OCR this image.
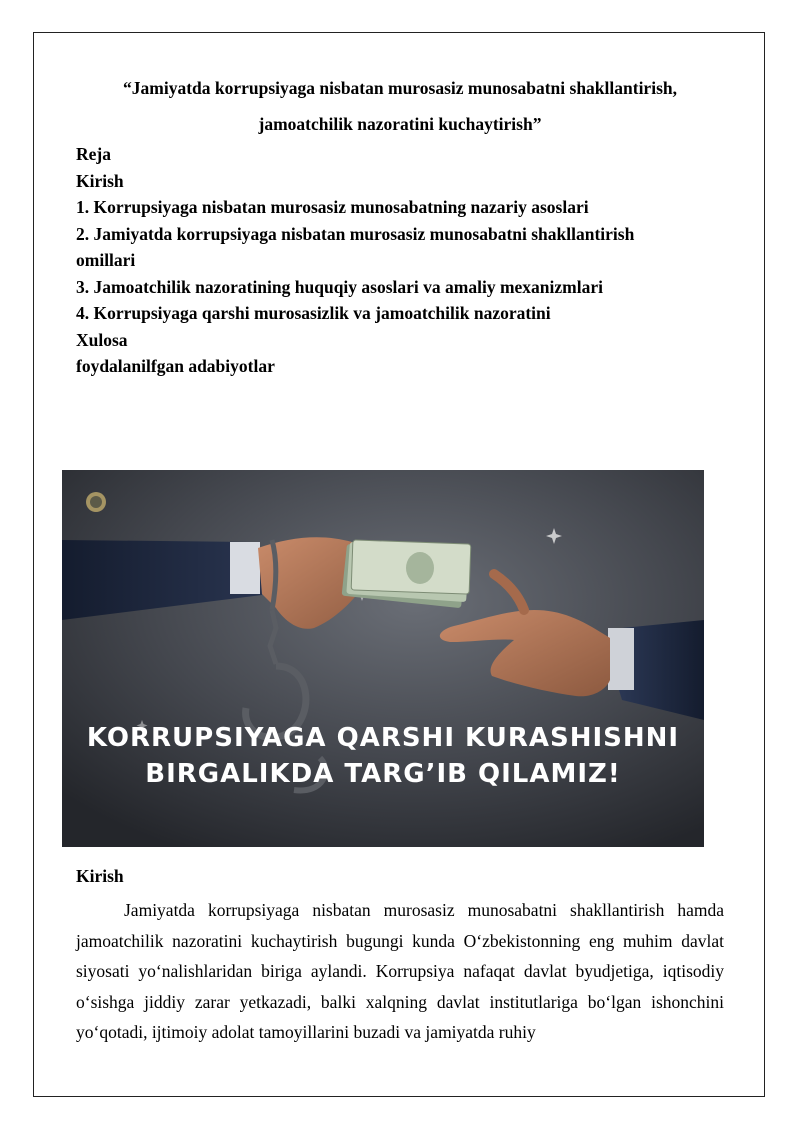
“Jamiyatda korrupsiyaga nisbatan murosasiz munosabatni shakllantirish,
jamoatchilik nazoratini kuchaytirish”
Reja
Kirish
1. Korrupsiyaga nisbatan murosasiz munosabatning nazariy asoslari
2. Jamiyatda korrupsiyaga nisbatan murosasiz munosabatni shakllantirish
omillari
3. Jamoatchilik nazoratining huquqiy asoslari va amaliy mexanizmlari
4. Korrupsiyaga qarshi murosasizlik va jamoatchilik nazoratini
Xulosa
foydalanilfgan adabiyotlar
KORRUPSIYAGA QARSHI KURASHISHNI
BIRGALIKDA TARG’IB QILAMIZ!
Kirish
Jamiyatda korrupsiyaga nisbatan murosasiz munosabatni shakllantirish hamda jamoatchilik nazoratini kuchaytirish bugungi kunda O‘zbekistonning eng muhim davlat siyosati yo‘nalishlaridan biriga aylandi. Korrupsiya nafaqat davlat byudjetiga, iqtisodiy o‘sishga jiddiy zarar yetkazadi, balki xalqning davlat institutlariga bo‘lgan ishonchini yo‘qotadi, ijtimoiy adolat tamoyillarini buzadi va jamiyatda ruhiy
